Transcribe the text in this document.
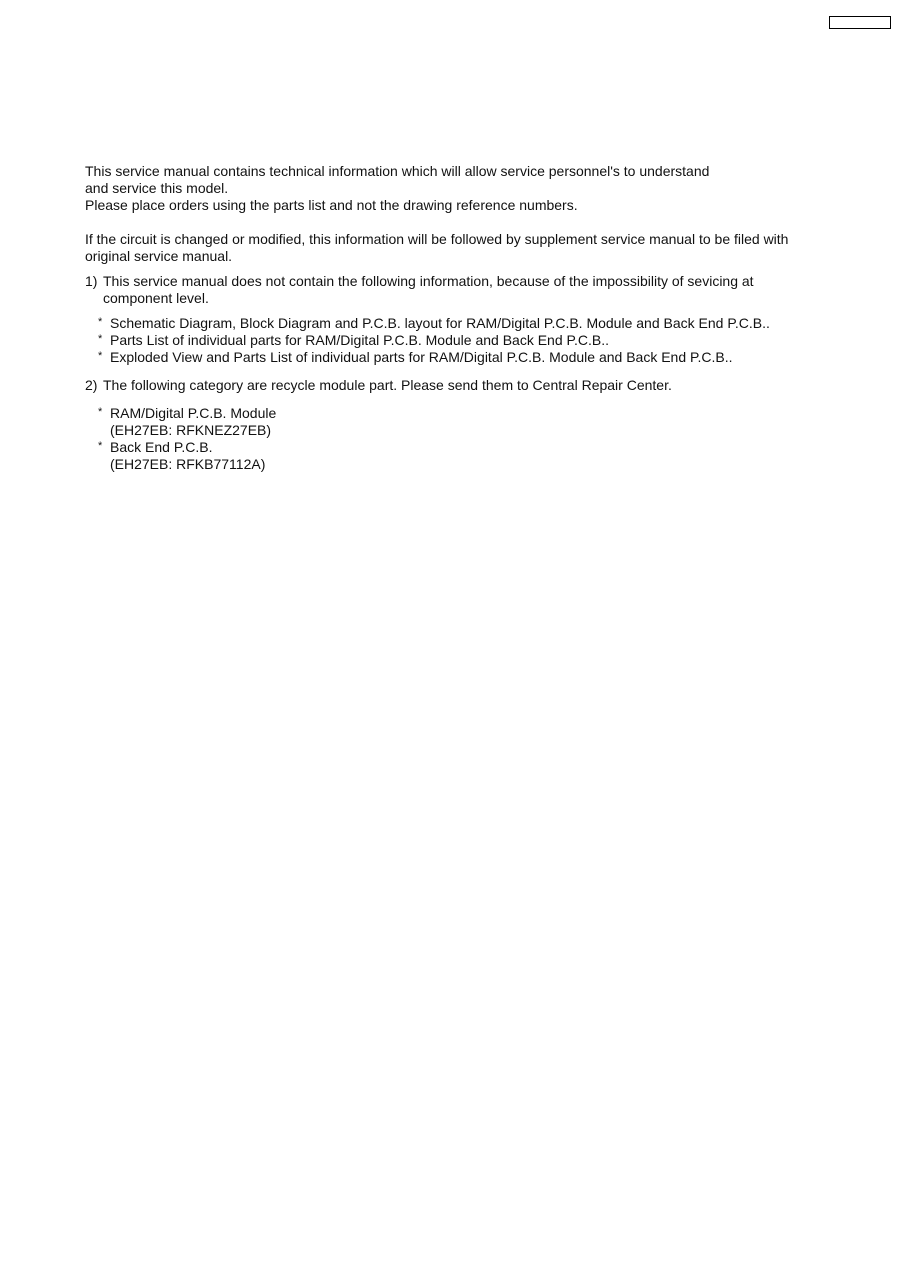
This service manual contains technical information which will allow service personnel's to understand
and service this model.
Please place orders using the parts list and not the drawing reference numbers.
If the circuit is changed or modified, this information will be followed by supplement service manual to be filed with
original service manual.
1) This service manual does not contain the following information, because of the impossibility of sevicing at
component level.
* Schematic Diagram, Block Diagram and P.C.B. layout for RAM/Digital P.C.B. Module and Back End P.C.B..
* Parts List of individual parts for RAM/Digital P.C.B. Module and Back End P.C.B..
* Exploded View and Parts List of individual parts for RAM/Digital P.C.B. Module and Back End P.C.B..
2) The following category are recycle module part. Please send them to Central Repair Center.
* RAM/Digital P.C.B. Module
(EH27EB: RFKNEZ27EB)
* Back End P.C.B.
(EH27EB: RFKB77112A)
